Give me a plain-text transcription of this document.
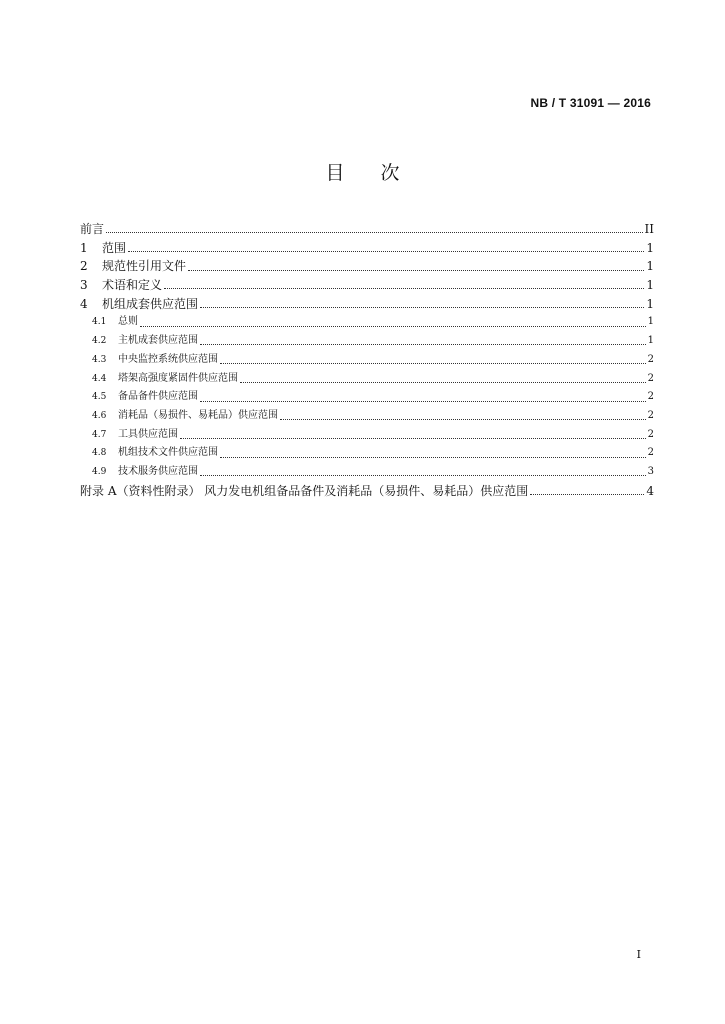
NB / T 31091 — 2016
目 次
前言	II
1	范围	1
2	规范性引用文件	1
3	术语和定义	1
4	机组成套供应范围	1
4.1	总则	1
4.2	主机成套供应范围	1
4.3	中央监控系统供应范围	2
4.4	塔架高强度紧固件供应范围	2
4.5	备品备件供应范围	2
4.6	消耗品（易损件、易耗品）供应范围	2
4.7	工具供应范围	2
4.8	机组技术文件供应范围	2
4.9	技术服务供应范围	3
附录 A（资料性附录） 风力发电机组备品备件及消耗品（易损件、易耗品）供应范围	4
I
